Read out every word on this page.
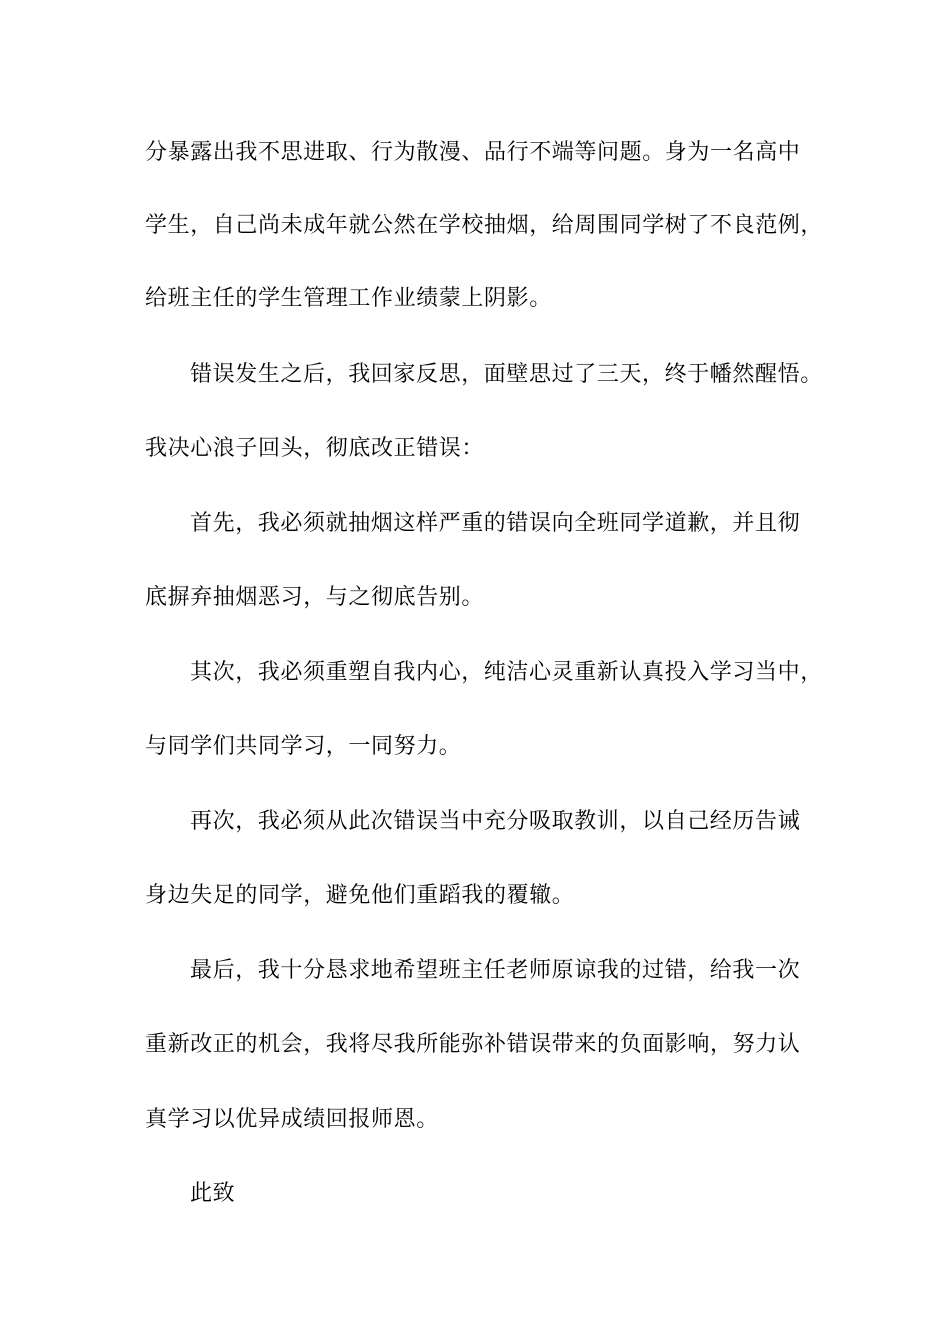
分暴露出我不思进取、行为散漫、品行不端等问题。身为一名高中
学生，自己尚未成年就公然在学校抽烟，给周围同学树了不良范例，
给班主任的学生管理工作业绩蒙上阴影。
错误发生之后，我回家反思，面壁思过了三天，终于幡然醒悟。
我决心浪子回头，彻底改正错误：
首先，我必须就抽烟这样严重的错误向全班同学道歉，并且彻
底摒弃抽烟恶习，与之彻底告别。
其次，我必须重塑自我内心，纯洁心灵重新认真投入学习当中，
与同学们共同学习，一同努力。
再次，我必须从此次错误当中充分吸取教训，以自己经历告诫
身边失足的同学，避免他们重蹈我的覆辙。
最后，我十分恳求地希望班主任老师原谅我的过错，给我一次
重新改正的机会，我将尽我所能弥补错误带来的负面影响，努力认
真学习以优异成绩回报师恩。
此致
